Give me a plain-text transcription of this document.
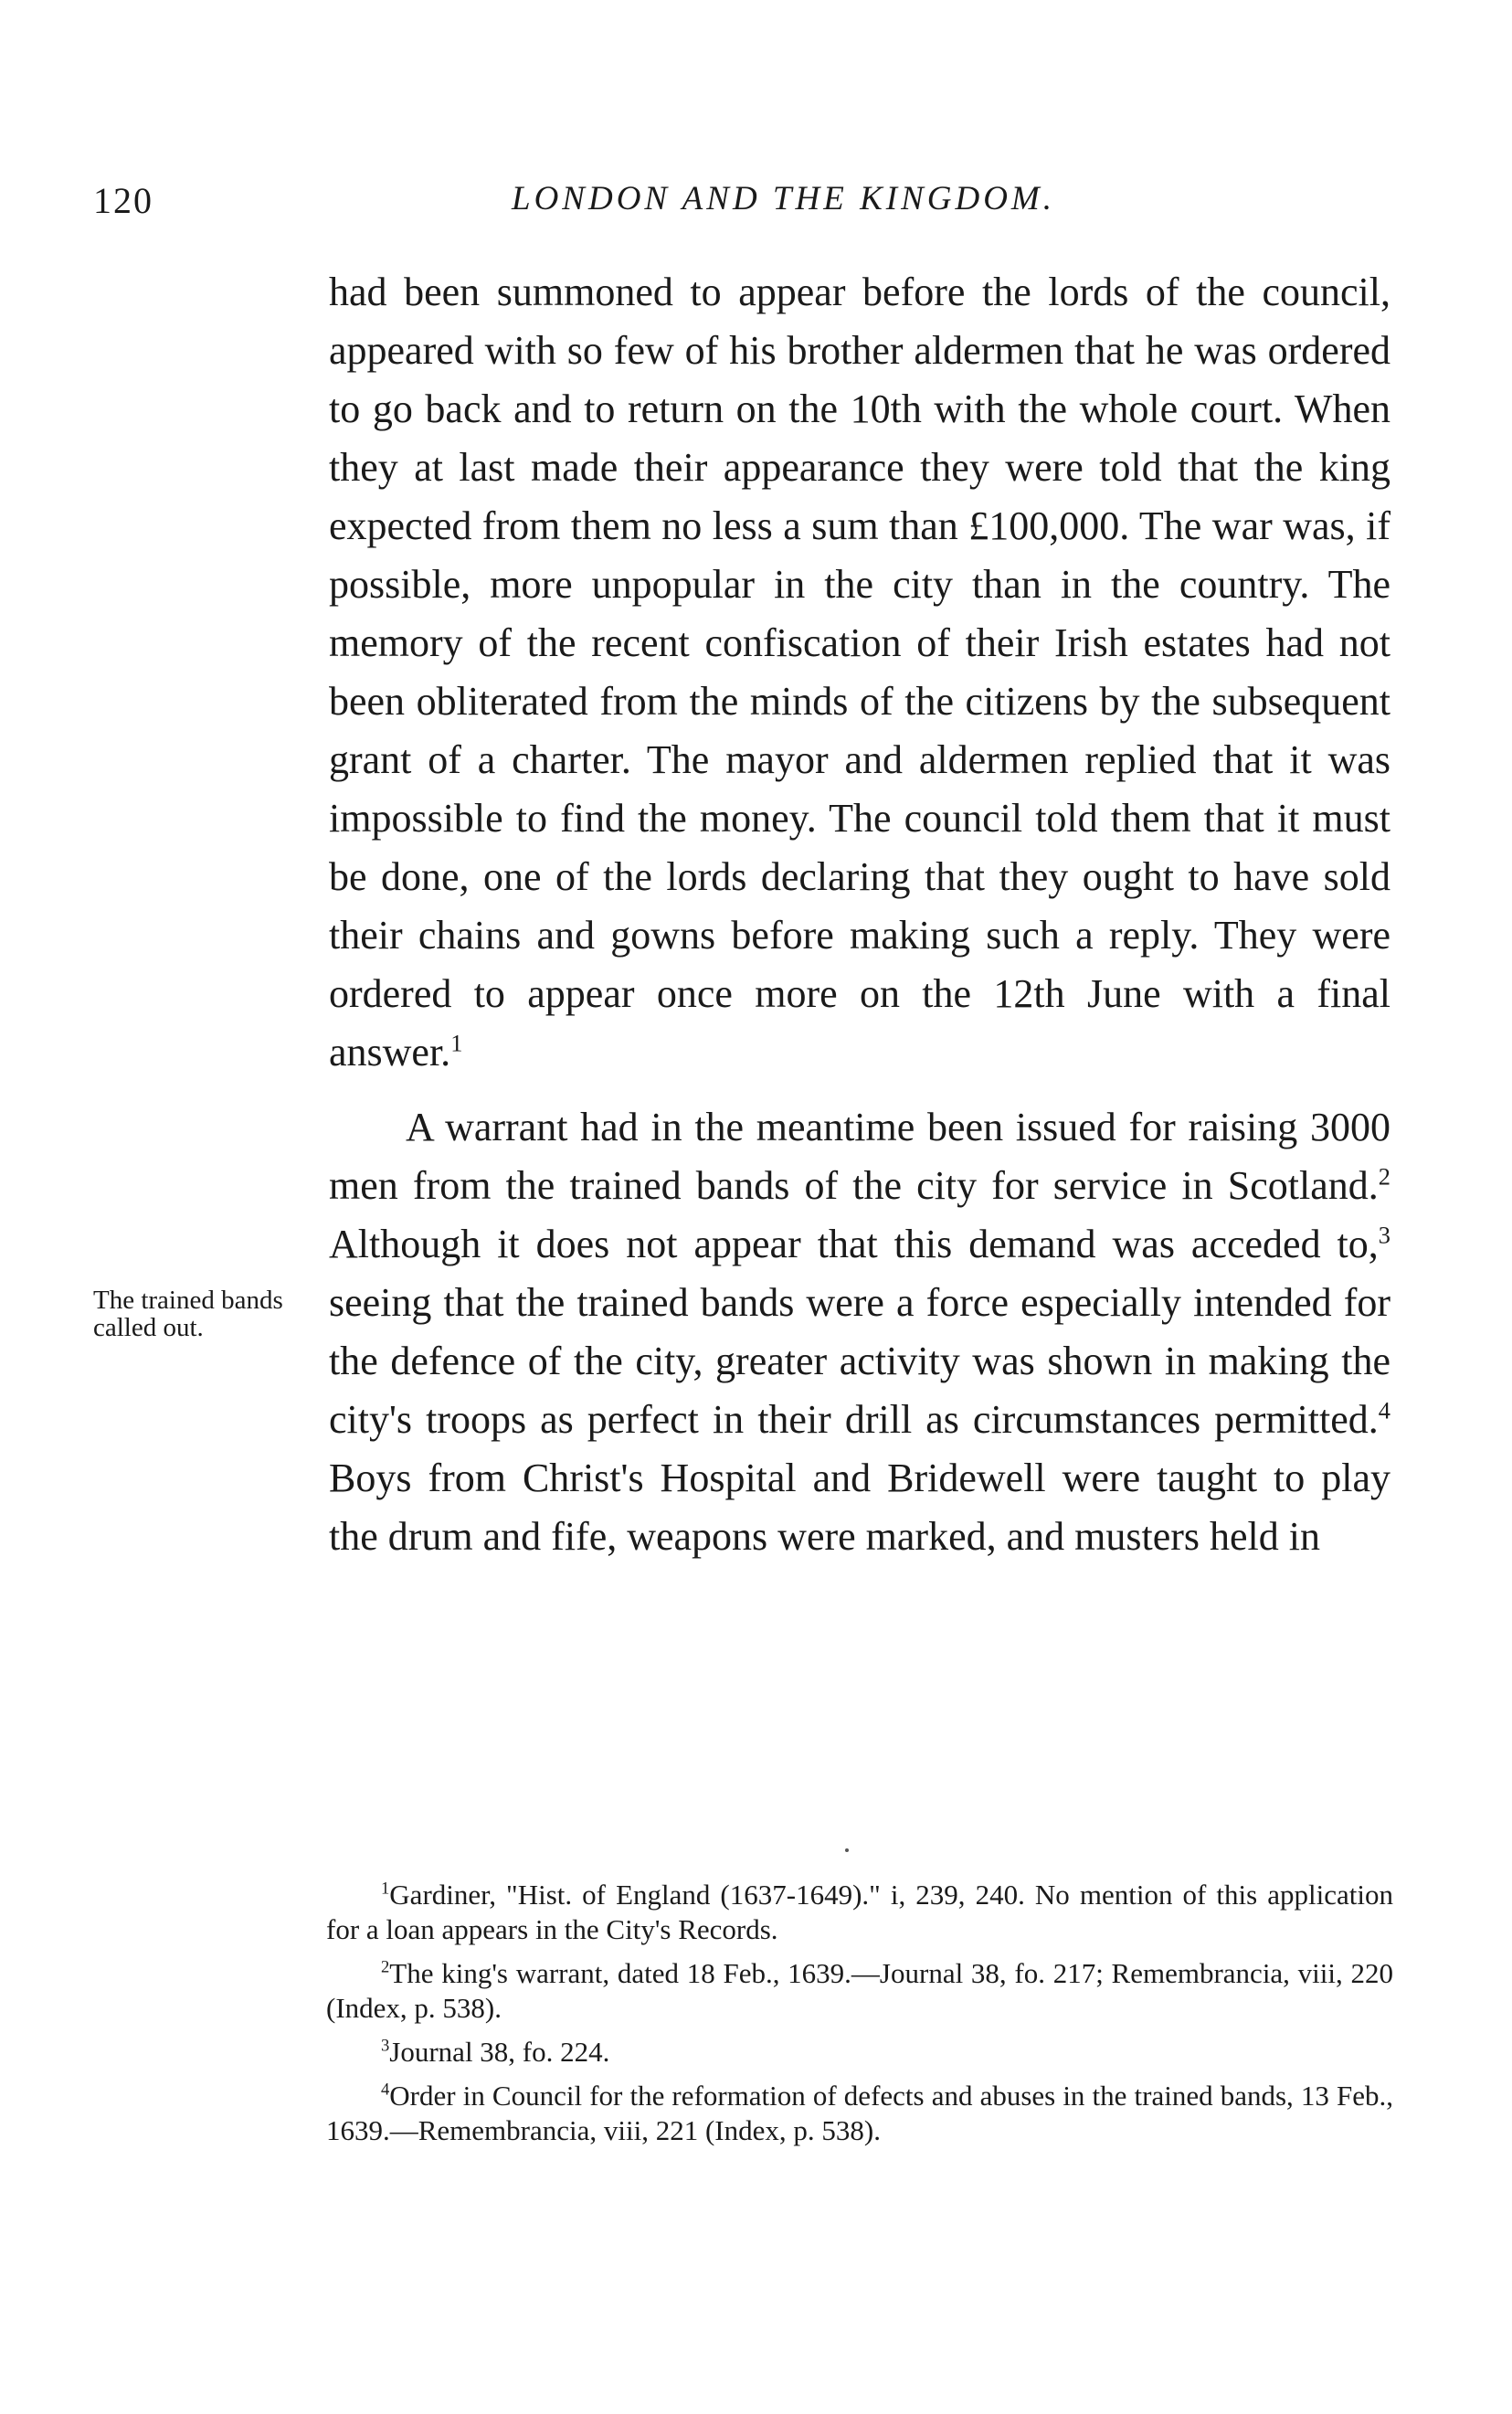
120	LONDON AND THE KINGDOM.

had been summoned to appear before the lords of the council, appeared with so few of his brother aldermen that he was ordered to go back and to return on the 10th with the whole court. When they at last made their appearance they were told that the king expected from them no less a sum than £100,000. The war was, if possible, more unpopular in the city than in the country. The memory of the recent confiscation of their Irish estates had not been obliterated from the minds of the citizens by the subsequent grant of a charter. The mayor and aldermen replied that it was impossible to find the money. The council told them that it must be done, one of the lords declaring that they ought to have sold their chains and gowns before making such a reply. They were ordered to appear once more on the 12th June with a final answer.$^1$

A warrant had in the meantime been issued for raising 3000 men from the trained bands of the city for service in Scotland.$^2$ Although it does not appear that this demand was acceded to,$^3$ seeing that the trained bands were a force especially intended for the defence of the city, greater activity was shown in making the city's troops as perfect in their drill as circumstances permitted.$^4$ Boys from Christ's Hospital and Bridewell were taught to play the drum and fife, weapons were marked, and musters held in

The trained bands called out.

$^1$Gardiner, "Hist. of England (1637-1649)." i, 239, 240. No mention of this application for a loan appears in the City's Records.

$^2$The king's warrant, dated 18 Feb., 1639.—Journal 38, fo. 217; Remembrancia, viii, 220 (Index, p. 538).

$^3$Journal 38, fo. 224.

$^4$Order in Council for the reformation of defects and abuses in the trained bands, 13 Feb., 1639.—Remembrancia, viii, 221 (Index, p. 538).
